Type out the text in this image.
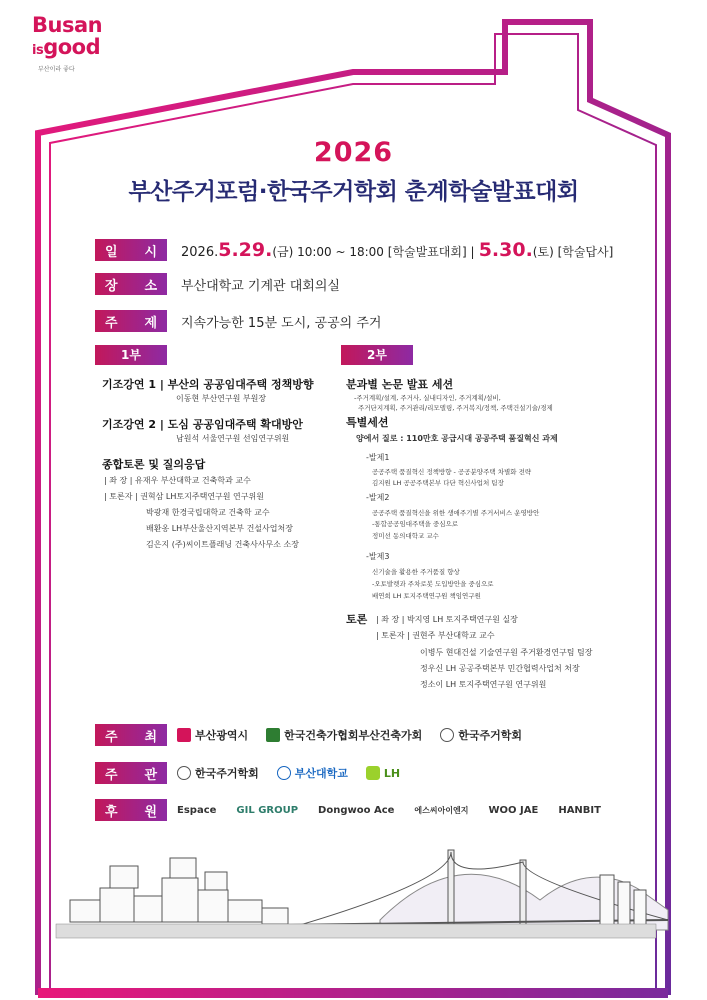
Busan
isgood
부산이라 좋다
2026
부산주거포럼·한국주거학회 춘계학술발표대회
일 시 2026.5.29.(금) 10:00 ~ 18:00 [학술발표대회] | 5.30.(토) [학술답사]
장 소 부산대학교 기계관 대회의실
주 제 지속가능한 15분 도시, 공공의 주거
1부	2부
기조강연 1 | 부산의 공공임대주택 정책방향
이동현 부산연구원 부원장
기조강연 2 | 도심 공공임대주택 확대방안
남원석 서울연구원 선임연구위원
종합토론 및 질의응답
| 좌 장 | 유재우 부산대학교 건축학과 교수
| 토론자 | 권혁삼 LH토지주택연구원 연구위원
박광재 한경국립대학교 건축학 교수
배환옹 LH부산울산지역본부 건설사업처장
김은지 (주)씨이트플래닝 건축사사무소 소장
분과별 논문 발표 세션
-주거계획/설계, 주거사, 실내디자인, 주거계획/설비,
주거단지계획, 주거관리/리모델링, 주거복지/정책, 주택건설기술/경제
특별세션
양에서 질로 : 110만호 공급시대 공공주택 품질혁신 과제
-발제1
공공주택 품질혁신 정책방향 - 공공분양주택 차별화 전략
김지원 LH 공공주택본부 다단 혁신사업처 팀장
-발제2
공공주택 품질혁신을 위한 생애주기별 주거서비스 운영방안
-통합공공임대주택을 중심으로
정미선 동의대학교 교수
-발제3
신기술을 활용한 주거품질 향상
-오토발렛과 주차로봇 도입방안을 중심으로
배연희 LH 토지주택연구원 책임연구원
토론 | 좌 장 | 박지영 LH 토지주택연구원 실장
| 토론자 | 권현주 부산대학교 교수
이병두 현대건설 기술연구원 주거환경연구팀 팀장
정우신 LH 공공주택본부 민간협력사업처 처장
정소이 LH 토지주택연구원 연구위원
주 최	부산광역시	한국건축가협회부산건축가회	한국주거학회
주 관	한국주거학회	부산대학교	LH
후 원 Espace GIL GROUP Dongwoo Ace	에스씨아이엔지 WOO JAE HANBIT
